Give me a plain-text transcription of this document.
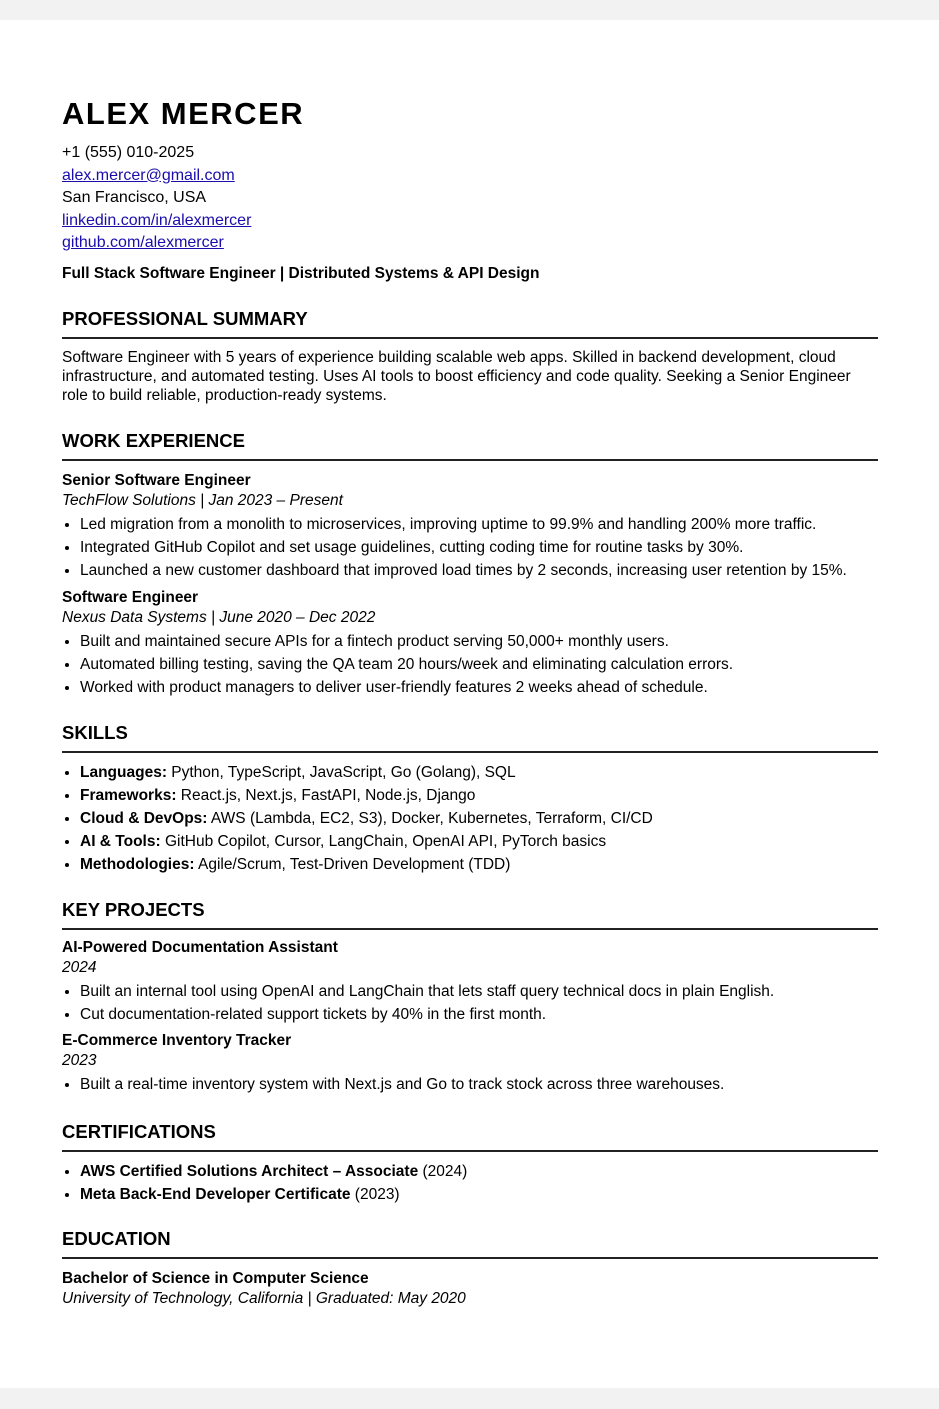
ALEX MERCER
+1 (555) 010-2025
alex.mercer@gmail.com
San Francisco, USA
linkedin.com/in/alexmercer
github.com/alexmercer
Full Stack Software Engineer | Distributed Systems & API Design
PROFESSIONAL SUMMARY
Software Engineer with 5 years of experience building scalable web apps. Skilled in backend development, cloud infrastructure, and automated testing. Uses AI tools to boost efficiency and code quality. Seeking a Senior Engineer role to build reliable, production-ready systems.
WORK EXPERIENCE
Senior Software Engineer
TechFlow Solutions | Jan 2023 – Present
• Led migration from a monolith to microservices, improving uptime to 99.9% and handling 200% more traffic.
• Integrated GitHub Copilot and set usage guidelines, cutting coding time for routine tasks by 30%.
• Launched a new customer dashboard that improved load times by 2 seconds, increasing user retention by 15%.
Software Engineer
Nexus Data Systems | June 2020 – Dec 2022
• Built and maintained secure APIs for a fintech product serving 50,000+ monthly users.
• Automated billing testing, saving the QA team 20 hours/week and eliminating calculation errors.
• Worked with product managers to deliver user-friendly features 2 weeks ahead of schedule.
SKILLS
• Languages: Python, TypeScript, JavaScript, Go (Golang), SQL
• Frameworks: React.js, Next.js, FastAPI, Node.js, Django
• Cloud & DevOps: AWS (Lambda, EC2, S3), Docker, Kubernetes, Terraform, CI/CD
• AI & Tools: GitHub Copilot, Cursor, LangChain, OpenAI API, PyTorch basics
• Methodologies: Agile/Scrum, Test-Driven Development (TDD)
KEY PROJECTS
AI-Powered Documentation Assistant
2024
• Built an internal tool using OpenAI and LangChain that lets staff query technical docs in plain English.
• Cut documentation-related support tickets by 40% in the first month.
E-Commerce Inventory Tracker
2023
• Built a real-time inventory system with Next.js and Go to track stock across three warehouses.
CERTIFICATIONS
• AWS Certified Solutions Architect – Associate (2024)
• Meta Back-End Developer Certificate (2023)
EDUCATION
Bachelor of Science in Computer Science
University of Technology, California | Graduated: May 2020
